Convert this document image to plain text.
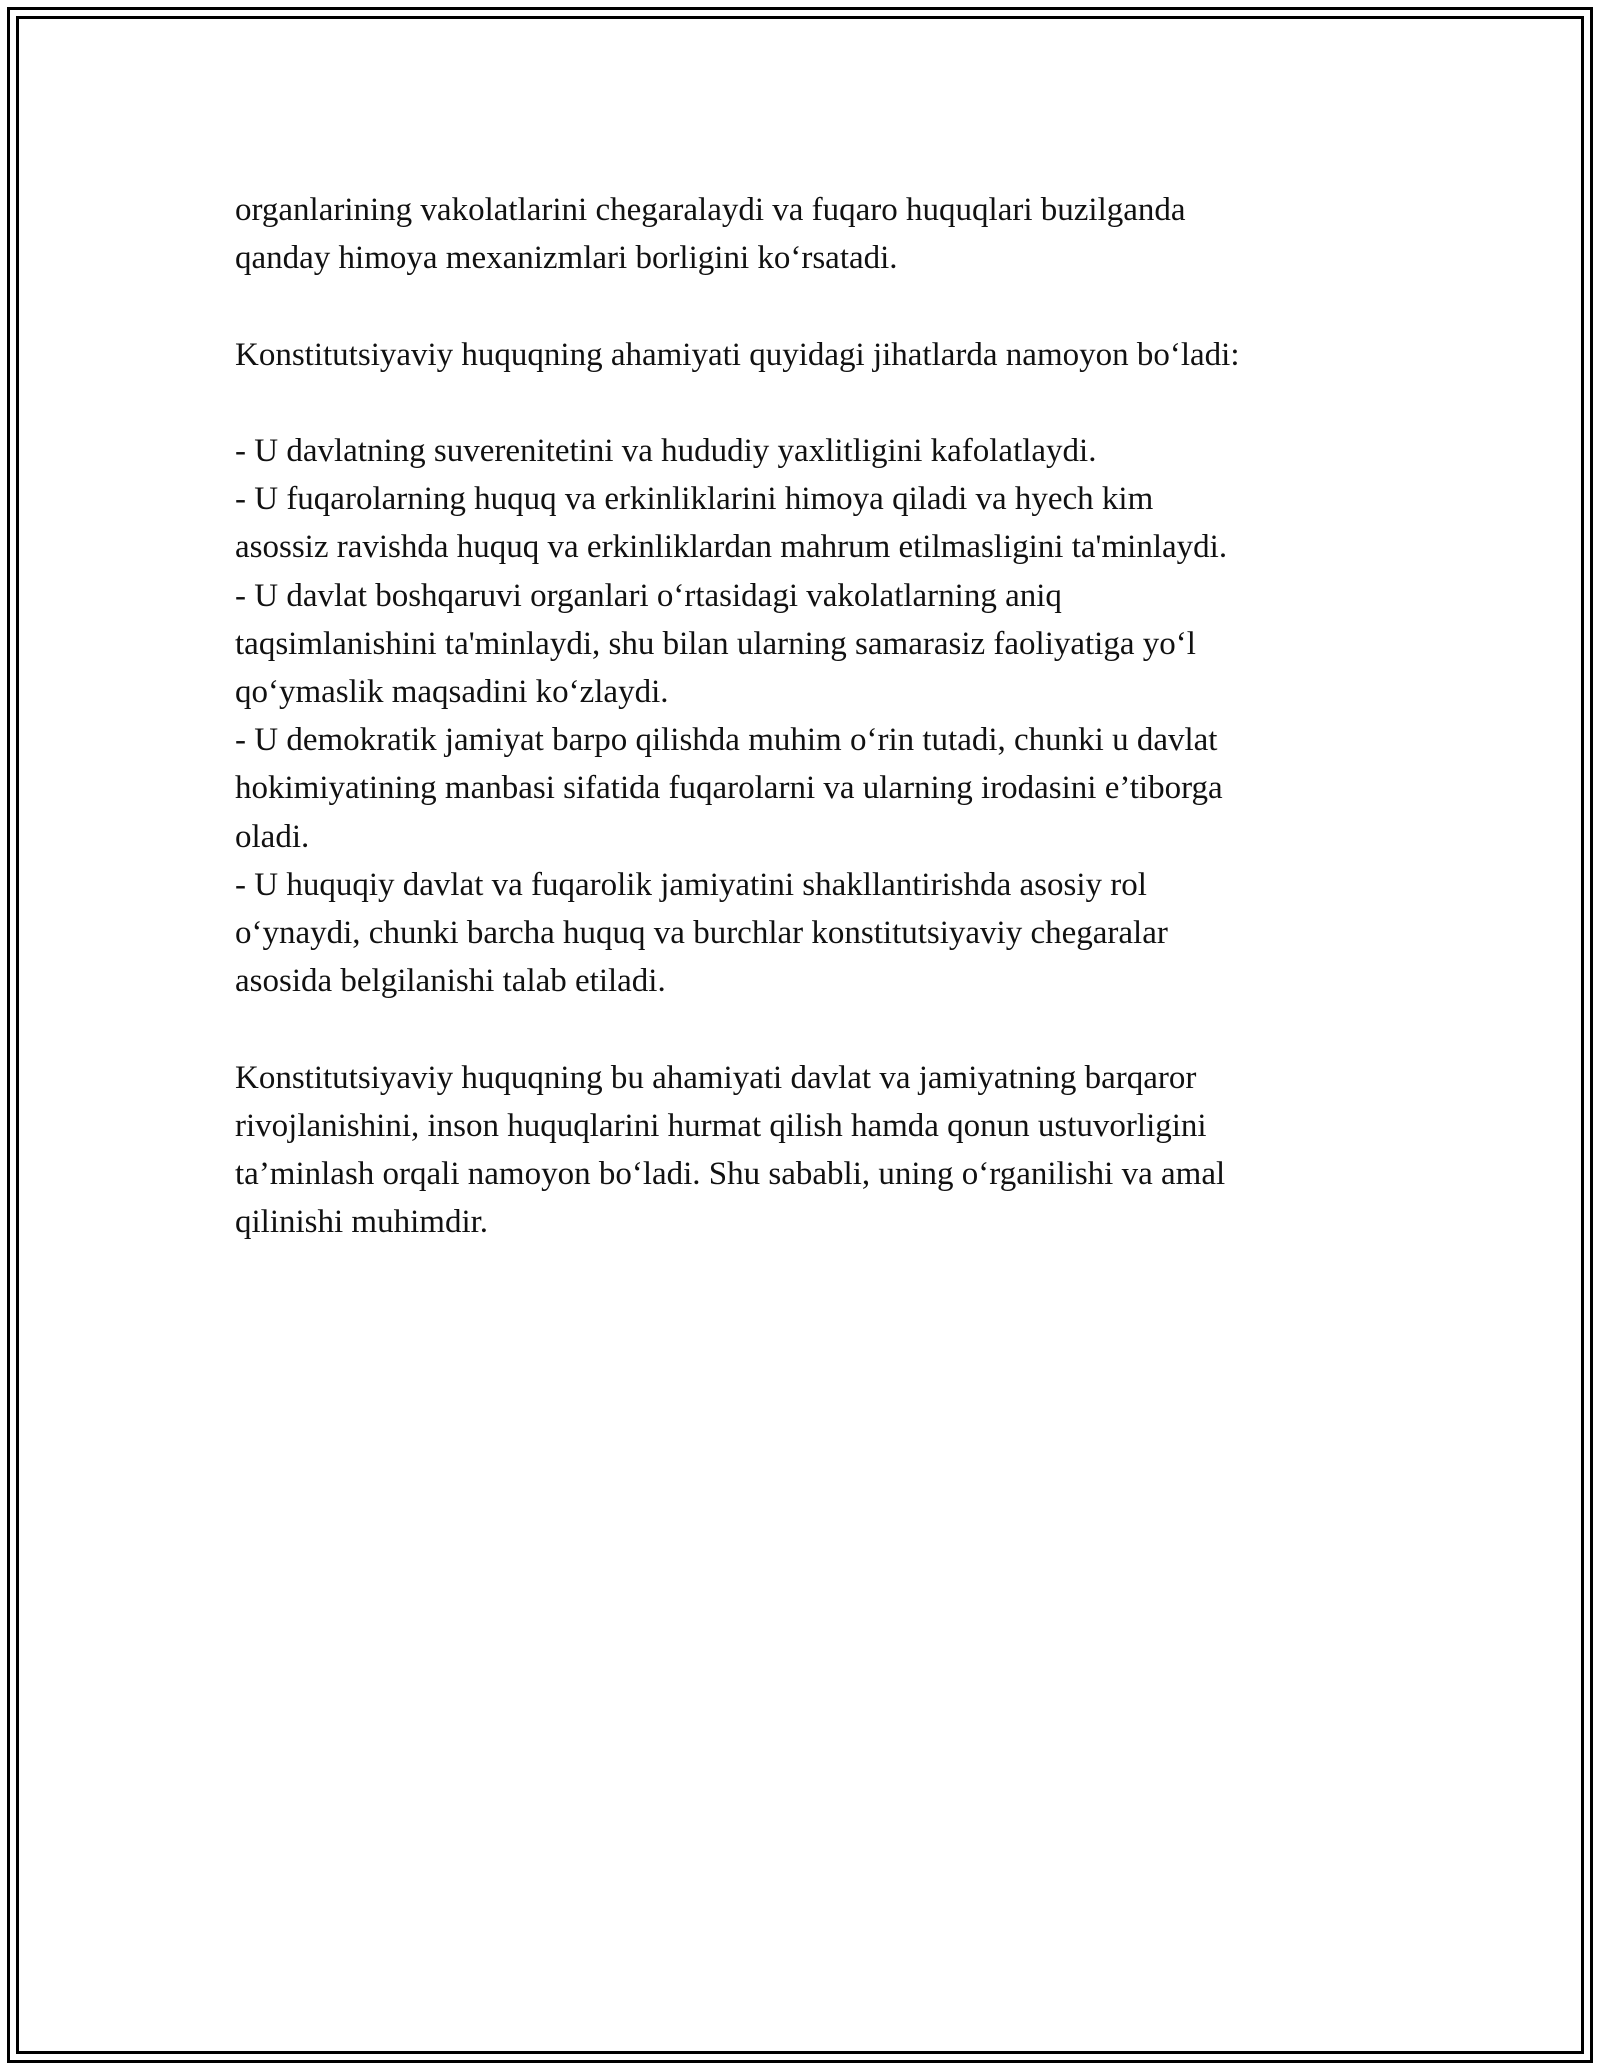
organlarining vakolatlarini chegaralaydi va fuqaro huquqlari buzilganda

qanday himoya mexanizmlari borligini ko‘rsatadi.

Konstitutsiyaviy huquqning ahamiyati quyidagi jihatlarda namoyon bo‘ladi:

- U davlatning suverenitetini va hududiy yaxlitligini kafolatlaydi.

- U fuqarolarning huquq va erkinliklarini himoya qiladi va hyech kim

asossiz ravishda huquq va erkinliklardan mahrum etilmasligini ta'minlaydi.

- U davlat boshqaruvi organlari o‘rtasidagi vakolatlarning aniq

taqsimlanishini ta'minlaydi, shu bilan ularning samarasiz faoliyatiga yo‘l

qo‘ymaslik maqsadini ko‘zlaydi.

- U demokratik jamiyat barpo qilishda muhim o‘rin tutadi, chunki u davlat

hokimiyatining manbasi sifatida fuqarolarni va ularning irodasini e’tiborga

oladi.

- U huquqiy davlat va fuqarolik jamiyatini shakllantirishda asosiy rol

o‘ynaydi, chunki barcha huquq va burchlar konstitutsiyaviy chegaralar

asosida belgilanishi talab etiladi.

Konstitutsiyaviy huquqning bu ahamiyati davlat va jamiyatning barqaror

rivojlanishini, inson huquqlarini hurmat qilish hamda qonun ustuvorligini

ta’minlash orqali namoyon bo‘ladi. Shu sababli, uning o‘rganilishi va amal

qilinishi muhimdir.
